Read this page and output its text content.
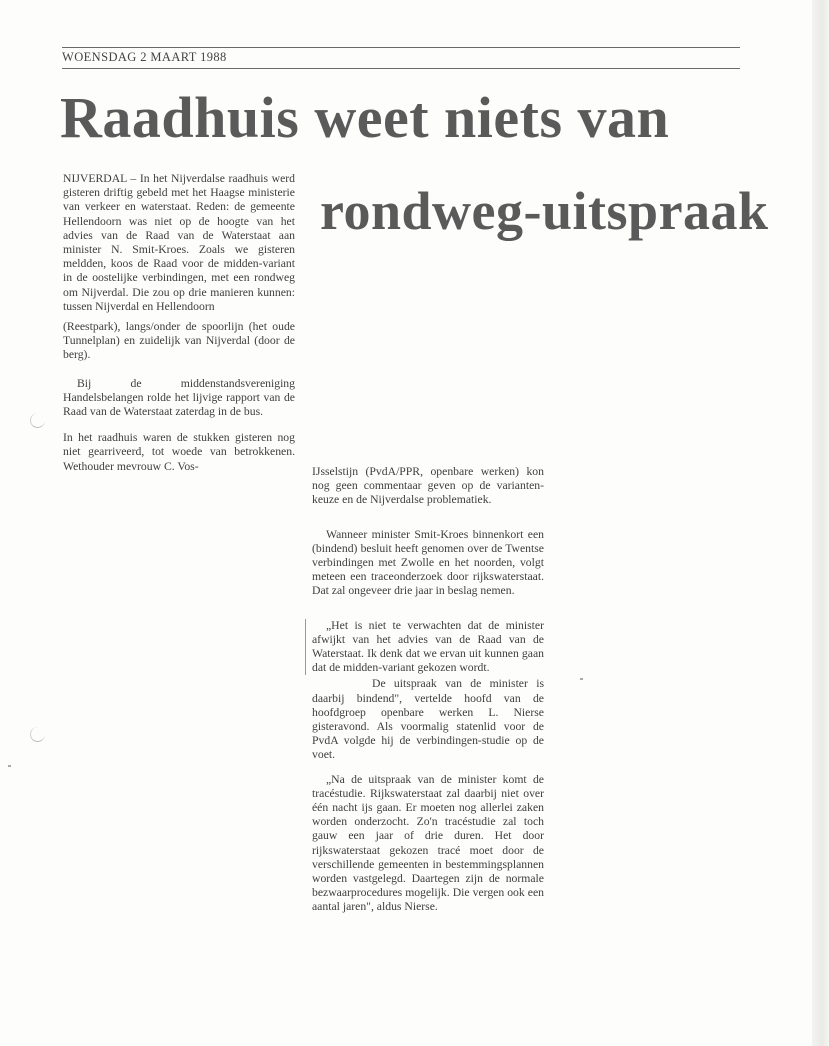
WOENSDAG 2 MAART 1988
Raadhuis weet niets van
rondweg-uitspraak

NIJVERDAL – In het Nijverdalse raadhuis werd gisteren driftig gebeld met het Haagse ministerie van verkeer en waterstaat. Reden: de gemeente Hellendoorn was niet op de hoogte van het advies van de Raad van de Waterstaat aan minister N. Smit-Kroes. Zoals we gisteren meldden, koos de Raad voor de midden-variant in de oostelijke verbindingen, met een rondweg om Nijverdal. Die zou op drie manieren kunnen: tussen Nijverdal en Hellendoorn

(Reestpark), langs/onder de spoorlijn (het oude Tunnelplan) en zuidelijk van Nijverdal (door de berg).

Bij de middenstandsvereniging Handelsbelangen rolde het lijvige rapport van de Raad van de Waterstaat zaterdag in de bus.

In het raadhuis waren de stukken gisteren nog niet gearriveerd, tot woede van betrokkenen. Wethouder mevrouw C. Vos-	IJsselstijn (PvdA/PPR, openbare werken) kon nog geen commentaar geven op de varianten-keuze en de Nijverdalse problematiek.

Wanneer minister Smit-Kroes binnenkort een (bindend) besluit heeft genomen over de Twentse verbindingen met Zwolle en het noorden, volgt meteen een traceonderzoek door rijkswaterstaat. Dat zal ongeveer drie jaar in beslag nemen.

„Het is niet te verwachten dat de minister afwijkt van het advies van de Raad van de Waterstaat. Ik denk dat we ervan uit kunnen gaan dat de midden-variant gekozen wordt.

De uitspraak van de minister is daarbij bindend", vertelde hoofd van de hoofdgroep openbare werken L. Nierse gisteravond. Als voormalig statenlid voor de PvdA volgde hij de verbindingen-studie op de voet.

„Na de uitspraak van de minister komt de tracéstudie. Rijkswaterstaat zal daarbij niet over één nacht ijs gaan. Er moeten nog allerlei zaken worden onderzocht. Zo'n tracéstudie zal toch gauw een jaar of drie duren. Het door rijkswaterstaat gekozen tracé moet door de verschillende gemeenten in bestemmingsplannen worden vastgelegd. Daartegen zijn de normale bezwaarprocedures mogelijk. Die vergen ook een aantal jaren", aldus Nierse.
